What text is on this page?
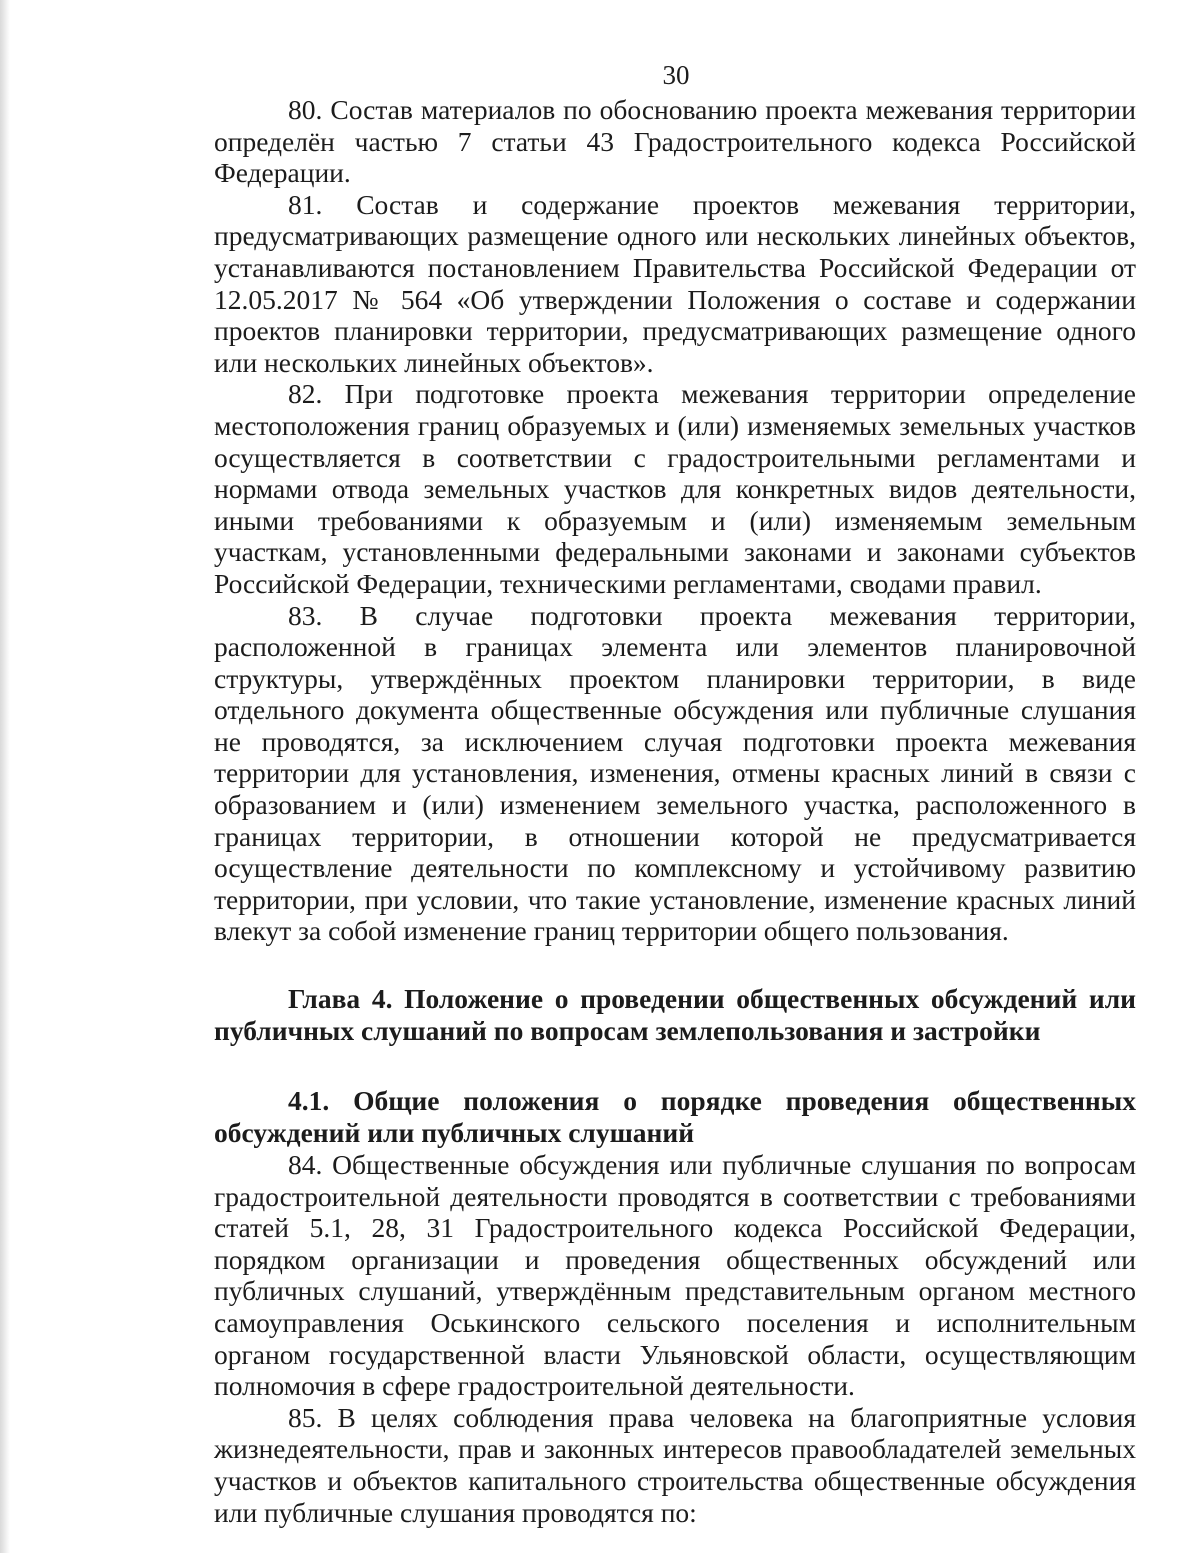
30

80. Состав материалов по обоснованию проекта межевания территории определён частью 7 статьи 43 Градостроительного кодекса Российской Федерации.

81. Состав и содержание проектов межевания территории, предусматривающих размещение одного или нескольких линейных объектов, устанавливаются постановлением Правительства Российской Федерации от 12.05.2017 № 564 «Об утверждении Положения о составе и содержании проектов планировки территории, предусматривающих размещение одного или нескольких линейных объектов».

82. При подготовке проекта межевания территории определение местоположения границ образуемых и (или) изменяемых земельных участков осуществляется в соответствии с градостроительными регламентами и нормами отвода земельных участков для конкретных видов деятельности, иными требованиями к образуемым и (или) изменяемым земельным участкам, установленными федеральными законами и законами субъектов Российской Федерации, техническими регламентами, сводами правил.

83. В случае подготовки проекта межевания территории, расположенной в границах элемента или элементов планировочной структуры, утверждённых проектом планировки территории, в виде отдельного документа общественные обсуждения или публичные слушания не проводятся, за исключением случая подготовки проекта межевания территории для установления, изменения, отмены красных линий в связи с образованием и (или) изменением земельного участка, расположенного в границах территории, в отношении которой не предусматривается осуществление деятельности по комплексному и устойчивому развитию территории, при условии, что такие установление, изменение красных линий влекут за собой изменение границ территории общего пользования.

Глава 4. Положение о проведении общественных обсуждений или публичных слушаний по вопросам землепользования и застройки
4.1. Общие положения о порядке проведения общественных обсуждений или публичных слушаний

84. Общественные обсуждения или публичные слушания по вопросам градостроительной деятельности проводятся в соответствии с требованиями статей 5.1, 28, 31 Градостроительного кодекса Российской Федерации, порядком организации и проведения общественных обсуждений или публичных слушаний, утверждённым представительным органом местного самоуправления Оськинского сельского поселения и исполнительным органом государственной власти Ульяновской области, осуществляющим полномочия в сфере градостроительной деятельности.

85. В целях соблюдения права человека на благоприятные условия жизнедеятельности, прав и законных интересов правообладателей земельных участков и объектов капитального строительства общественные обсуждения или публичные слушания проводятся по:
